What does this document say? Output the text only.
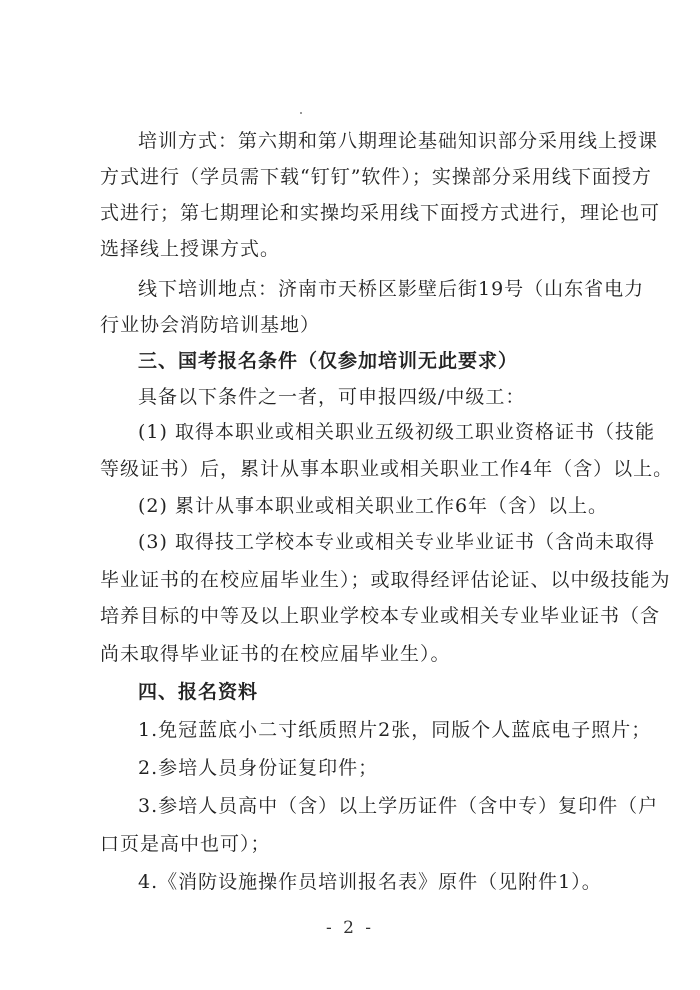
培训方式：第六期和第八期理论基础知识部分采用线上授课
方式进行（学员需下载“钉钉”软件）；实操部分采用线下面授方
式进行；第七期理论和实操均采用线下面授方式进行，理论也可
选择线上授课方式。
线下培训地点：济南市天桥区影壁后街19号（山东省电力
行业协会消防培训基地）
三、国考报名条件（仅参加培训无此要求）
具备以下条件之一者，可申报四级/中级工：
(1) 取得本职业或相关职业五级初级工职业资格证书（技能
等级证书）后，累计从事本职业或相关职业工作4年（含）以上。
(2) 累计从事本职业或相关职业工作6年（含）以上。
(3) 取得技工学校本专业或相关专业毕业证书（含尚未取得
毕业证书的在校应届毕业生）；或取得经评估论证、以中级技能为
培养目标的中等及以上职业学校本专业或相关专业毕业证书（含
尚未取得毕业证书的在校应届毕业生）。
四、报名资料
1.免冠蓝底小二寸纸质照片2张，同版个人蓝底电子照片；
2.参培人员身份证复印件；
3.参培人员高中（含）以上学历证件（含中专）复印件（户
口页是高中也可）；
4.《消防设施操作员培训报名表》原件（见附件1）。
- 2 -
